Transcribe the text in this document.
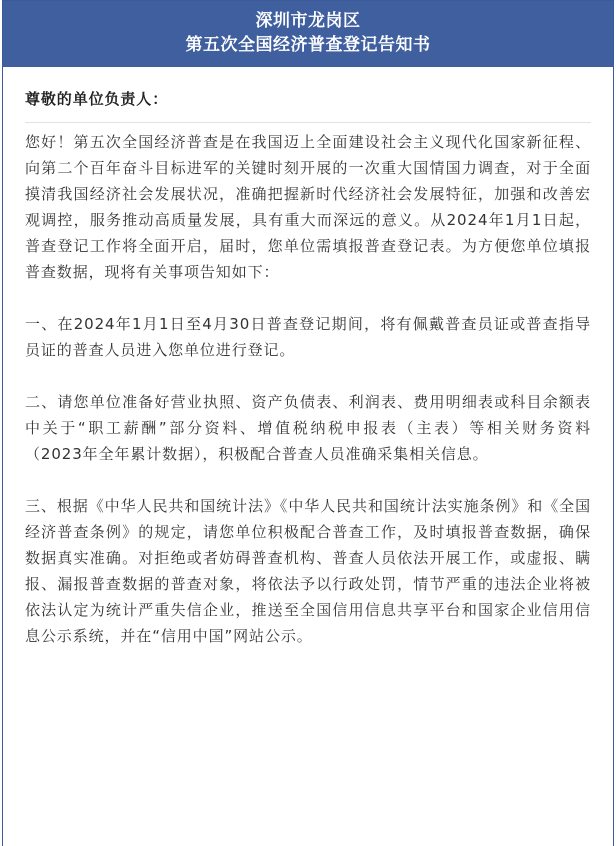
深圳市龙岗区
第五次全国经济普查登记告知书

尊敬的单位负责人：

您好！第五次全国经济普查是在我国迈上全面建设社会主义现代化国家新征程、向第二个百年奋斗目标进军的关键时刻开展的一次重大国情国力调查，对于全面摸清我国经济社会发展状况，准确把握新时代经济社会发展特征，加强和改善宏观调控，服务推动高质量发展，具有重大而深远的意义。从2024年1月1日起，普查登记工作将全面开启，届时，您单位需填报普查登记表。为方便您单位填报普查数据，现将有关事项告知如下：

一、在2024年1月1日至4月30日普查登记期间，将有佩戴普查员证或普查指导员证的普查人员进入您单位进行登记。

二、请您单位准备好营业执照、资产负债表、利润表、费用明细表或科目余额表中关于“职工薪酬”部分资料、增值税纳税申报表（主表）等相关财务资料（2023年全年累计数据），积极配合普查人员准确采集相关信息。

三、根据《中华人民共和国统计法》《中华人民共和国统计法实施条例》和《全国经济普查条例》的规定，请您单位积极配合普查工作，及时填报普查数据，确保数据真实准确。对拒绝或者妨碍普查机构、普查人员依法开展工作，或虚报、瞒报、漏报普查数据的普查对象，将依法予以行政处罚，情节严重的违法企业将被依法认定为统计严重失信企业，推送至全国信用信息共享平台和国家企业信用信息公示系统，并在“信用中国”网站公示。
